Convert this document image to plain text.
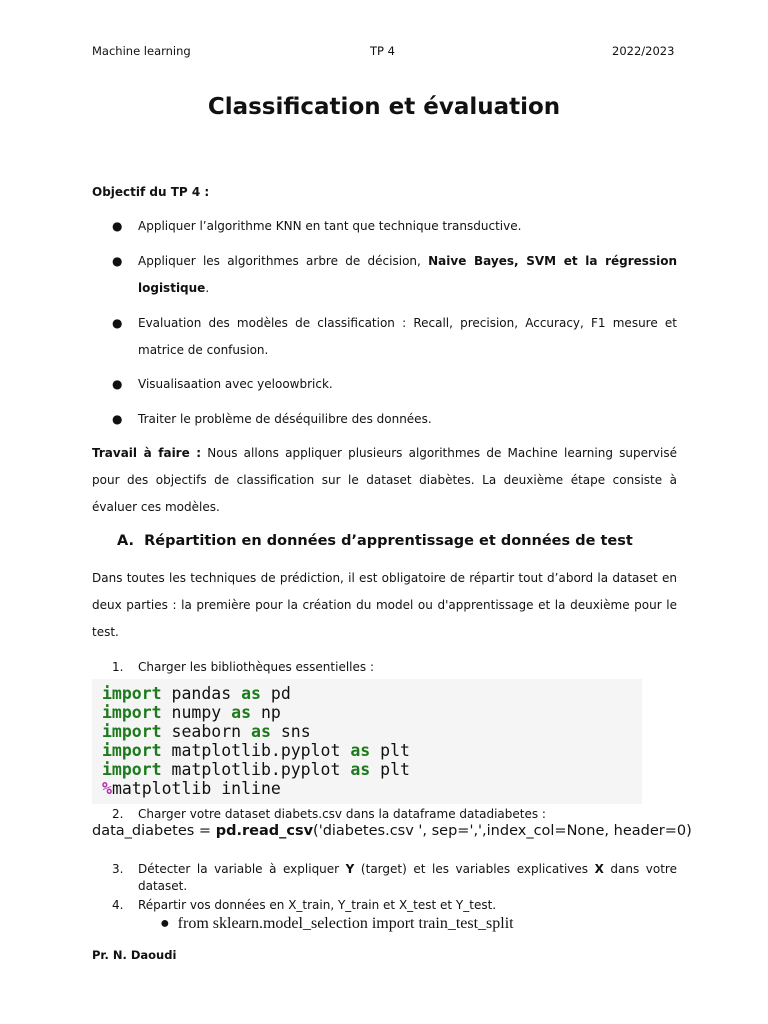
Machine learning	TP 4	2022/2023
Classification et évaluation
Objectif du TP 4 :
● Appliquer l’algorithme KNN en tant que technique transductive.
● Appliquer les algorithmes arbre de décision, Naive Bayes, SVM et la régression logistique.
● Evaluation des modèles de classification : Recall, precision, Accuracy, F1 mesure et matrice de confusion.
● Visualisaation avec yeloowbrick.
● Traiter le problème de déséquilibre des données.
Travail à faire : Nous allons appliquer plusieurs algorithmes de Machine learning supervisé pour des objectifs de classification sur le dataset diabètes. La deuxième étape consiste à évaluer ces modèles.
A. Répartition en données d’apprentissage et données de test
Dans toutes les techniques de prédiction, il est obligatoire de répartir tout d’abord la dataset en deux parties : la première pour la création du model ou d'apprentissage et la deuxième pour le test.
1. Charger les bibliothèques essentielles :
import pandas as pd
import numpy as np
import seaborn as sns
import matplotlib.pyplot as plt
import matplotlib.pyplot as plt
%matplotlib inline
2. Charger votre dataset diabets.csv dans la dataframe datadiabetes :
data_diabetes = pd.read_csv('diabetes.csv ', sep=',',index_col=None, header=0)
3. Détecter la variable à expliquer Y (target) et les variables explicatives X dans votre dataset.
4. Répartir vos données en X_train, Y_train et X_test et Y_test.
● from sklearn.model_selection import train_test_split
Pr. N. Daoudi
